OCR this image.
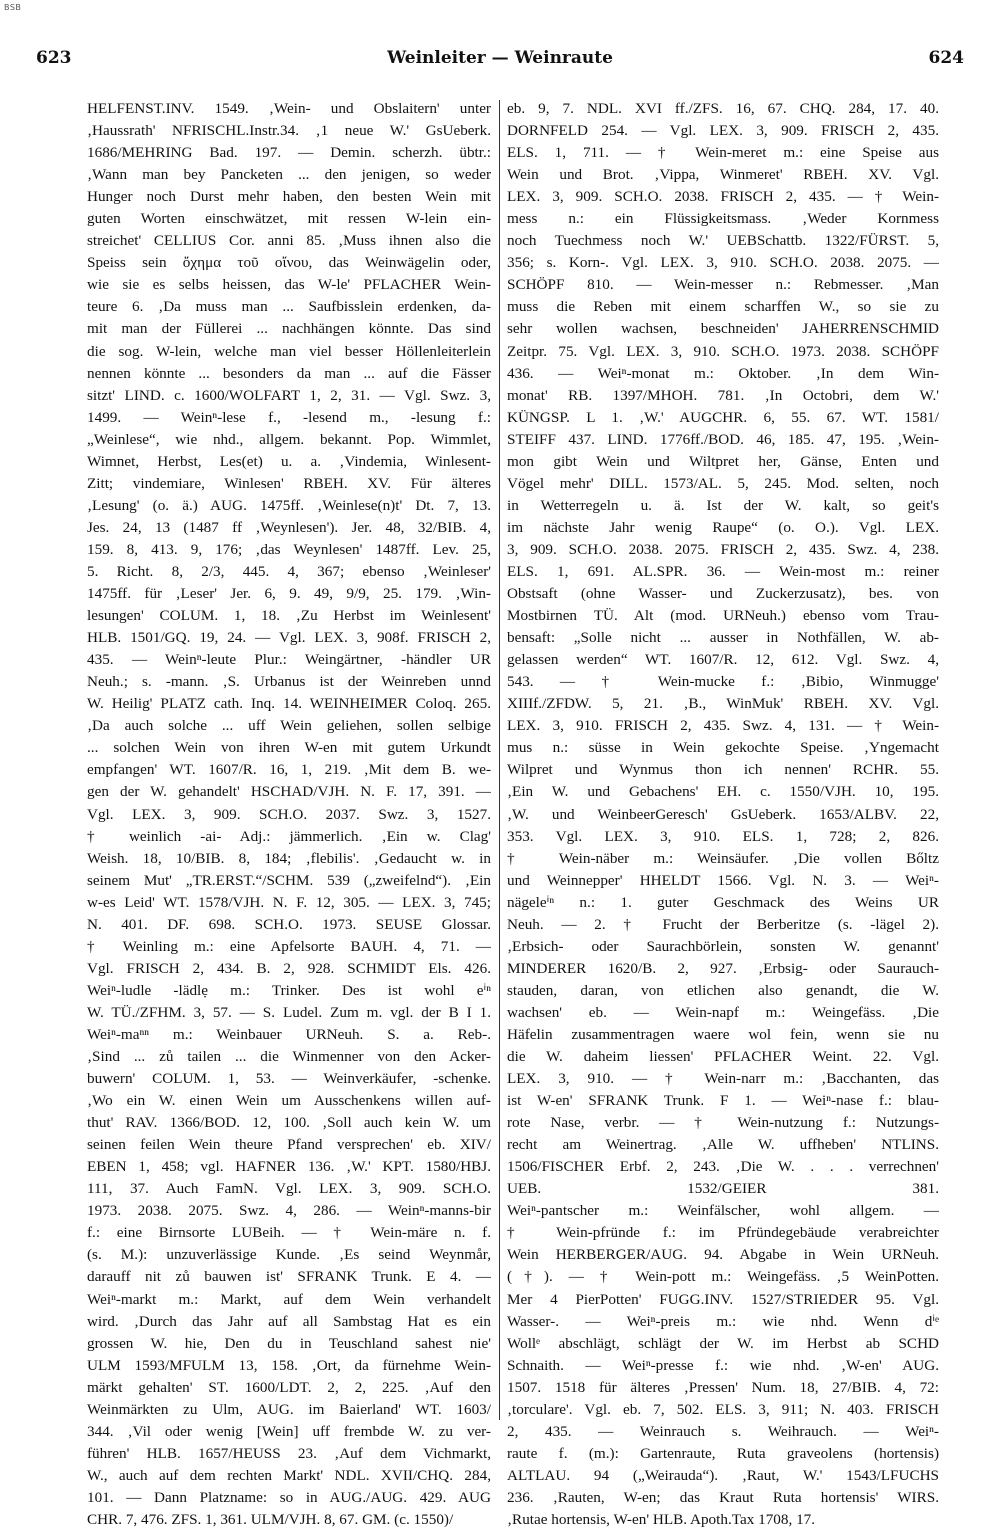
BSB
623	Weinleiter — Weinraute	624
HELFENST.INV. 1549. ‚Wein- und Obslaitern' unter
‚Haussrath' NFRISCHL.Instr.34. ‚1 neue W.' GsUeberk.
1686/MEHRING Bad. 197. — Demin. scherzh. übtr.:
‚Wann man bey Pancketen ... den jenigen, so weder
Hunger noch Durst mehr haben, den besten Wein mit
guten Worten einschwätzet, mit ressen W-lein ein-
streichet' CELLIUS Cor. anni 85. ‚Muss ihnen also die
Speiss sein ὄχημα τοῦ οἴνου, das Weinwägelin oder,
wie sie es selbs heissen, das W-le' PFLACHER Wein-
teure 6. ‚Da muss man ... Saufbisslein erdenken, da-
mit man der Füllerei ... nachhängen könnte. Das sind
die sog. W-lein, welche man viel besser Höllenleiterlein
nennen könnte ... besonders da man ... auf die Fässer
sitzt' LIND. c. 1600/WOLFART 1, 2, 31. — Vgl. Swz. 3,
1499. — Weinⁿ-lese f., -lesend m., -lesung f.:
„Weinlese“, wie nhd., allgem. bekannt. Pop. Wimmlet,
Wimnet, Herbst, Les(et) u. a. ‚Vindemia, Winlesent-
Zitt; vindemiare, Winlesen' RBEH. XV. Für älteres
‚Lesung' (o. ä.) AUG. 1475ff. ‚Weinlese(n)t' Dt. 7, 13.
Jes. 24, 13 (1487 ff ‚Weynlesen'). Jer. 48, 32/BIB. 4,
159. 8, 413. 9, 176; ‚das Weynlesen' 1487ff. Lev. 25,
5. Richt. 8, 2/3, 445. 4, 367; ebenso ‚Weinleser'
1475ff. für ‚Leser' Jer. 6, 9. 49, 9/9, 25. 179. ‚Win-
lesungen' COLUM. 1, 18. ‚Zu Herbst im Weinlesent'
HLB. 1501/GQ. 19, 24. — Vgl. LEX. 3, 908f. FRISCH 2,
435. — Weinⁿ-leute Plur.: Weingärtner, -händler UR
Neuh.; s. -mann. ‚S. Urbanus ist der Weinreben unnd
W. Heilig' PLATZ cath. Inq. 14. WEINHEIMER Coloq. 265.
‚Da auch solche ... uff Wein geliehen, sollen selbige
... solchen Wein von ihren W-en mit gutem Urkundt
empfangen' WT. 1607/R. 16, 1, 219. ‚Mit dem B. we-
gen der W. gehandelt' HSCHAD/VJH. N. F. 17, 391. —
Vgl. LEX. 3, 909. SCH.O. 2037. Swz. 3, 1527.
† weinlich -ai- Adj.: jämmerlich. ‚Ein w. Clag'
Weish. 18, 10/BIB. 8, 184; ‚flebilis'. ‚Gedaucht w. in
seinem Mut' „TR.ERST.“/SCHM. 539 („zweifelnd“). ‚Ein
w-es Leid' WT. 1578/VJH. N. F. 12, 305. — LEX. 3, 745;
N. 401. DF. 698. SCH.O. 1973. SEUSE Glossar.
† Weinling m.: eine Apfelsorte BAUH. 4, 71. —
Vgl. FRISCH 2, 434. B. 2, 928. SCHMIDT Els. 426.
Weiⁿ-ludle -lädlẹ m.: Trinker. Des ist wohl eⁱⁿ
W. TÜ./ZFHM. 3, 57. — S. Ludel. Zum m. vgl. der B I 1.
Weiⁿ-maⁿⁿ m.: Weinbauer URNeuh. S. a. Reb-.
‚Sind ... zů tailen ... die Winmenner von den Acker-
buwern' COLUM. 1, 53. — Weinverkäufer, -schenke.
‚Wo ein W. einen Wein um Ausschenkens willen auf-
thut' RAV. 1366/BOD. 12, 100. ‚Soll auch kein W. um
seinen feilen Wein theure Pfand versprechen' eb. XIV/
EBEN 1, 458; vgl. HAFNER 136. ‚W.' KPT. 1580/HBJ.
111, 37. Auch FamN. Vgl. LEX. 3, 909. SCH.O.
1973. 2038. 2075. Swz. 4, 286. — Weinⁿ-manns-bir
f.: eine Birnsorte LUBeih. — † Wein-märe n. f.
(s. M.): unzuverlässige Kunde. ‚Es seind Weynmår,
darauff nit zů bauwen ist' SFRANK Trunk. E 4. —
Weiⁿ-markt m.: Markt, auf dem Wein verhandelt
wird. ‚Durch das Jahr auf all Sambstag Hat es ein
grossen W. hie, Den du in Teuschland sahest nie'
ULM 1593/MFULM 13, 158. ‚Ort, da fürnehme Wein-
märkt gehalten' ST. 1600/LDT. 2, 2, 225. ‚Auf den
Weinmärkten zu Ulm, AUG. im Baierland' WT. 1603/
344. ‚Vil oder wenig [Wein] uff frembde W. zu ver-
führen' HLB. 1657/HEUSS 23. ‚Auf dem Vichmarkt,
W., auch auf dem rechten Markt' NDL. XVII/CHQ. 284,
101. — Dann Platzname: so in AUG./AUG. 429. AUG
CHR. 7, 476. ZFS. 1, 361. ULM/VJH. 8, 67. GM. (c. 1550)/
eb. 9, 7. NDL. XVI ff./ZFS. 16, 67. CHQ. 284, 17. 40.
DORNFELD 254. — Vgl. LEX. 3, 909. FRISCH 2, 435.
ELS. 1, 711. — † Wein-meret m.: eine Speise aus
Wein und Brot. ‚Vippa, Winmeret' RBEH. XV. Vgl.
LEX. 3, 909. SCH.O. 2038. FRISCH 2, 435. — † Wein-
mess n.: ein Flüssigkeitsmass. ‚Weder Kornmess
noch Tuechmess noch W.' UEBSchattb. 1322/FÜRST. 5,
356; s. Korn-. Vgl. LEX. 3, 910. SCH.O. 2038. 2075. —
SCHÖPF 810. — Wein-messer n.: Rebmesser. ‚Man
muss die Reben mit einem scharffen W., so sie zu
sehr wollen wachsen, beschneiden' JAHERRENSCHMID
Zeitpr. 75. Vgl. LEX. 3, 910. SCH.O. 1973. 2038. SCHÖPF
436. — Weiⁿ-monat m.: Oktober. ‚In dem Win-
monat' RB. 1397/MHOH. 781. ‚In Octobri, dem W.'
KÜNGSP. L 1. ‚W.' AUGCHR. 6, 55. 67. WT. 1581/
STEIFF 437. LIND. 1776ff./BOD. 46, 185. 47, 195. ‚Wein-
mon gibt Wein und Wiltpret her, Gänse, Enten und
Vögel mehr' DILL. 1573/AL. 5, 245. Mod. selten, noch
in Wetterregeln u. ä. Ist der W. kalt, so geit's
im nächste Jahr wenig Raupe“ (o. O.). Vgl. LEX.
3, 909. SCH.O. 2038. 2075. FRISCH 2, 435. Swz. 4, 238.
ELS. 1, 691. AL.SPR. 36. — Wein-most m.: reiner
Obstsaft (ohne Wasser- und Zuckerzusatz), bes. von
Mostbirnen TÜ. Alt (mod. URNeuh.) ebenso vom Trau-
bensaft: „Solle nicht ... ausser in Nothfällen, W. ab-
gelassen werden“ WT. 1607/R. 12, 612. Vgl. Swz. 4,
543. — † Wein-mucke f.: ‚Bibio, Winmugge'
XIIIf./ZFDW. 5, 21. ‚B., WinMuk' RBEH. XV. Vgl.
LEX. 3, 910. FRISCH 2, 435. Swz. 4, 131. — † Wein-
mus n.: süsse in Wein gekochte Speise. ‚Yngemacht
Wilpret und Wynmus thon ich nennen' RCHR. 55.
‚Ein W. und Gebachens' EH. c. 1550/VJH. 10, 195.
‚W. und WeinbeerGeresch' GsUeberk. 1653/ALBV. 22,
353. Vgl. LEX. 3, 910. ELS. 1, 728; 2, 826.
† Wein-näber m.: Weinsäufer. ‚Die vollen Bőltz
und Weinnepper' HHELDT 1566. Vgl. N. 3. — Weiⁿ-
nägeleⁱⁿ n.: 1. guter Geschmack des Weins UR
Neuh. — 2. † Frucht der Berberitze (s. -lägel 2).
‚Erbsich- oder Saurachbörlein, sonsten W. genannt'
MINDERER 1620/B. 2, 927. ‚Erbsig- oder Saurauch-
stauden, daran, von etlichen also genandt, die W.
wachsen' eb. — Wein-napf m.: Weingefäss. ‚Die
Häfelin zusammentragen waere wol fein, wenn sie nu
die W. daheim liessen' PFLACHER Weint. 22. Vgl.
LEX. 3, 910. — † Wein-narr m.: ‚Bacchanten, das
ist W-en' SFRANK Trunk. F 1. — Weiⁿ-nase f.: blau-
rote Nase, verbr. — † Wein-nutzung f.: Nutzungs-
recht am Weinertrag. ‚Alle W. uffheben' NTLINS.
1506/FISCHER Erbf. 2, 243. ‚Die W. . . . verrechnen'
UEB. 1532/GEIER 381.
Weiⁿ-pantscher m.: Weinfälscher, wohl allgem. —
† Wein-pfründe f.: im Pfründegebäude verabreichter
Wein HERBERGER/AUG. 94. Abgabe in Wein URNeuh.
(†). — † Wein-pott m.: Weingefäss. ‚5 WeinPotten.
Mer 4 PierPotten' FUGG.INV. 1527/STRIEDER 95. Vgl.
Wasser-. — Weiⁿ-preis m.: wie nhd. Wenn dⁱᵉ
Wollᵉ abschlägt, schlägt der W. im Herbst ab SCHD
Schnaith. — Weiⁿ-presse f.: wie nhd. ‚W-en' AUG.
1507. 1518 für älteres ‚Pressen' Num. 18, 27/BIB. 4, 72:
‚torculare'. Vgl. eb. 7, 502. ELS. 3, 911; N. 403. FRISCH
2, 435. — Weinrauch s. Weihrauch. — Weiⁿ-
raute f. (m.): Gartenraute, Ruta graveolens (hortensis)
ALTLAU. 94 („Weirauda“). ‚Raut, W.' 1543/LFUCHS
236. ‚Rauten, W-en; das Kraut Ruta hortensis' WIRS.
‚Rutae hortensis, W-en' HLB. Apoth.Tax 1708, 17.
